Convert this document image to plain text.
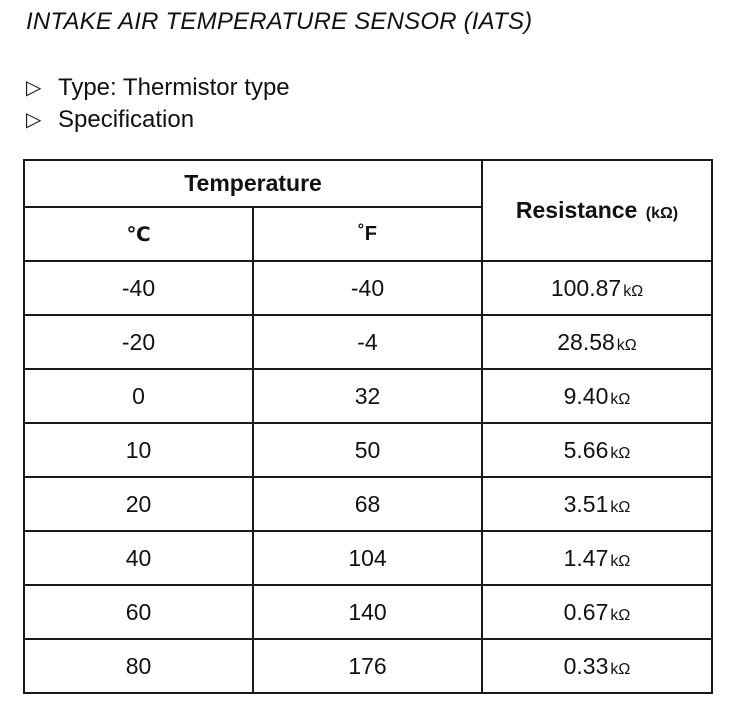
INTAKE AIR TEMPERATURE SENSOR (IATS)
▷ Type: Thermistor type
▷ Specification
Temperature		Resistance (kΩ)
℃	˚F	
-40	-40	100.87 kΩ
-20	-4	28.58 kΩ
0	32	9.40 kΩ
10	50	5.66 kΩ
20	68	3.51 kΩ
40	104	1.47 kΩ
60	140	0.67 kΩ
80	176	0.33 kΩ
